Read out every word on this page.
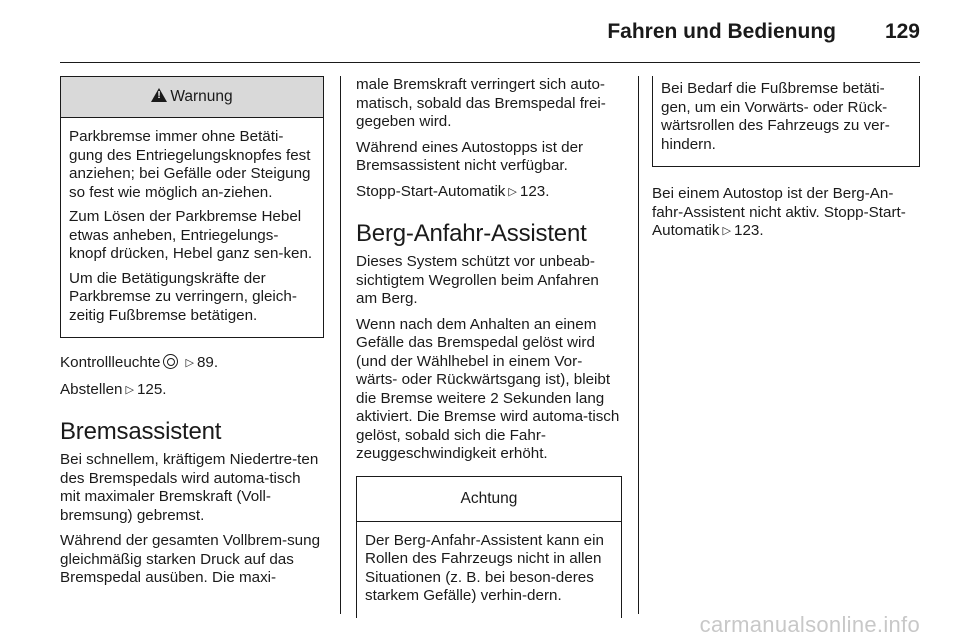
Fahren und Bedienung 129
!Warnung

Parkbremse immer ohne Betäti-gung des Entriegelungsknopfes fest anziehen; bei Gefälle oder Steigung so fest wie möglich an-ziehen.

Zum Lösen der Parkbremse Hebel etwas anheben, Entriegelungs-knopf drücken, Hebel ganz sen-ken.

Um die Betätigungskräfte der Parkbremse zu verringern, gleich-zeitig Fußbremse betätigen.

Kontrollleuchte ▷ 89.

Abstellen ▷ 125.

Bremsassistent

Bei schnellem, kräftigem Niedertre-ten des Bremspedals wird automa-tisch mit maximaler Bremskraft (Voll-bremsung) gebremst.

Während der gesamten Vollbrem-sung gleichmäßig starken Druck auf das Bremspedal ausüben. Die maxi-

male Bremskraft verringert sich auto-matisch, sobald das Bremspedal frei-gegeben wird.

Während eines Autostopps ist der Bremsassistent nicht verfügbar.

Stopp-Start-Automatik ▷ 123.

Berg-Anfahr-Assistent

Dieses System schützt vor unbeab-sichtigtem Wegrollen beim Anfahren am Berg.

Wenn nach dem Anhalten an einem Gefälle das Bremspedal gelöst wird (und der Wählhebel in einem Vor-wärts- oder Rückwärtsgang ist), bleibt die Bremse weitere 2 Sekunden lang aktiviert. Die Bremse wird automa-tisch gelöst, sobald sich die Fahr-zeuggeschwindigkeit erhöht.

Achtung

Der Berg-Anfahr-Assistent kann ein Rollen des Fahrzeugs nicht in allen Situationen (z. B. bei beson-deres starkem Gefälle) verhin-dern.

Bei Bedarf die Fußbremse betäti-gen, um ein Vorwärts- oder Rück-wärtsrollen des Fahrzeugs zu ver-hindern.

Bei einem Autostop ist der Berg-An-fahr-Assistent nicht aktiv. Stopp-Start-Automatik ▷ 123.

carmanualsonline.info
